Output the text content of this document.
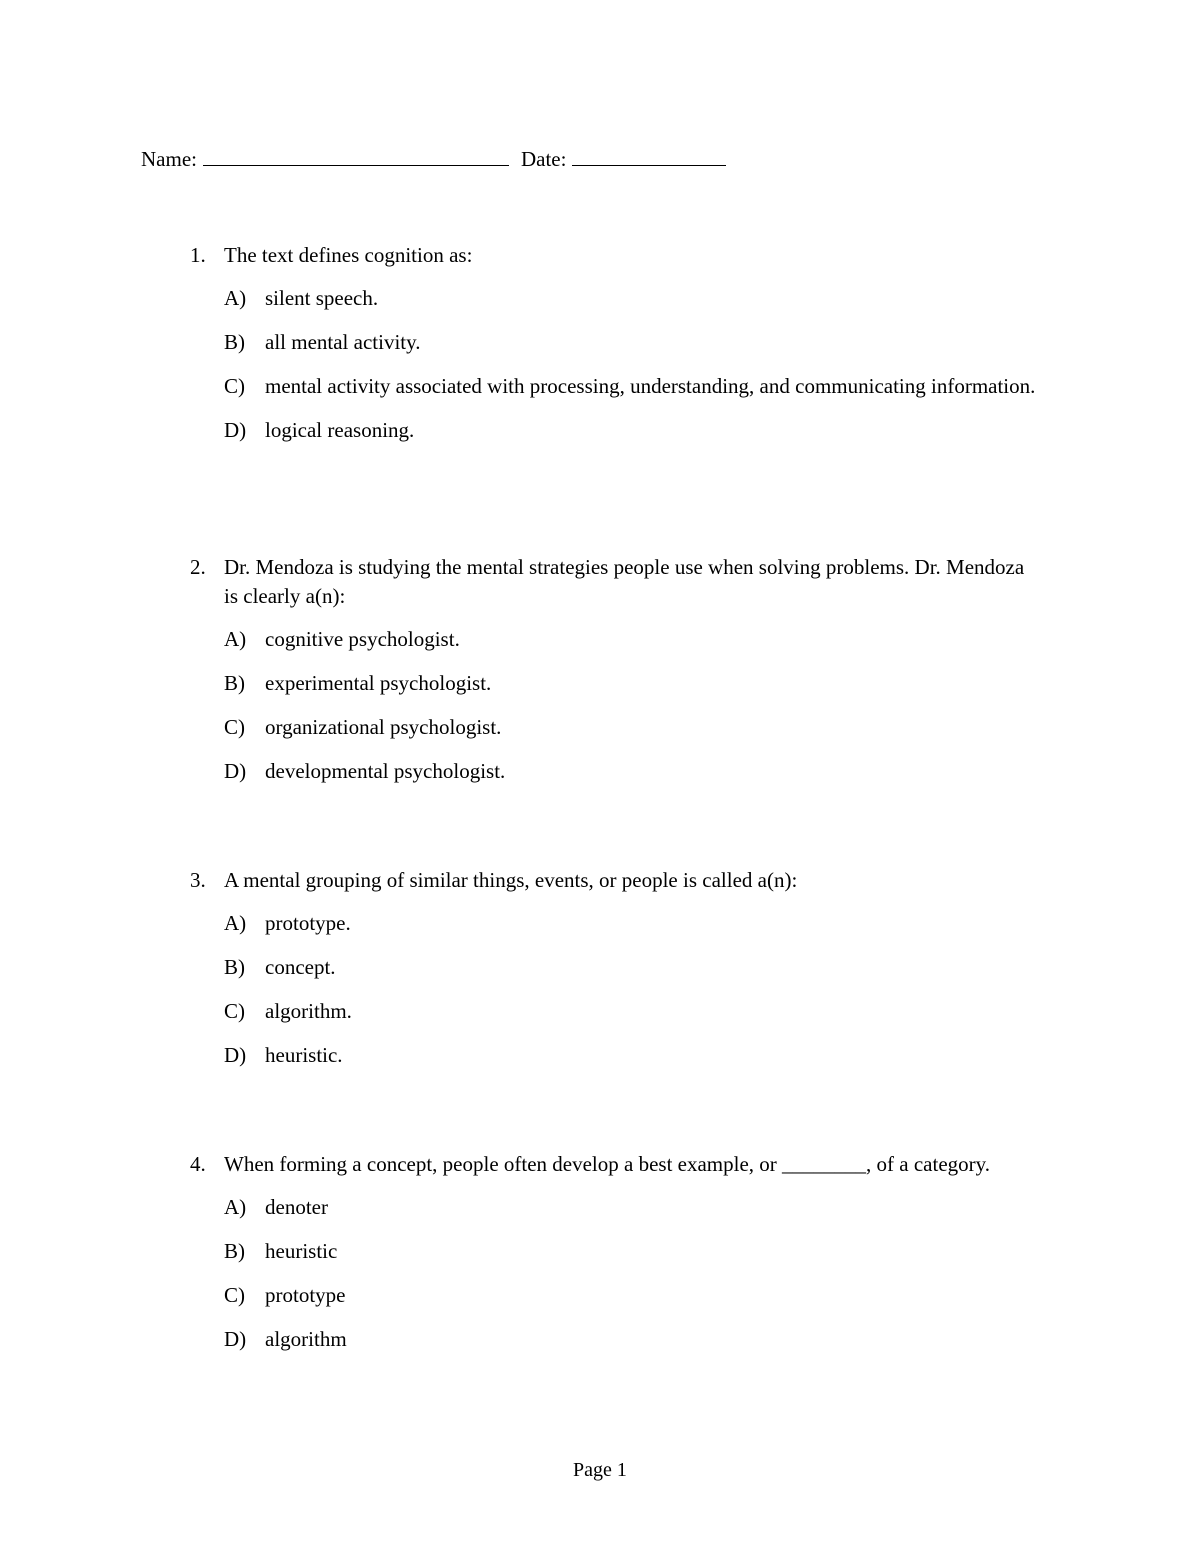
Name:	Date:
1. The text defines cognition as:
A) silent speech.
B) all mental activity.
C) mental activity associated with processing, understanding, and communicating information.
D) logical reasoning.
2. Dr. Mendoza is studying the mental strategies people use when solving problems. Dr. Mendoza is clearly a(n):
A) cognitive psychologist.
B) experimental psychologist.
C) organizational psychologist.
D) developmental psychologist.
3. A mental grouping of similar things, events, or people is called a(n):
A) prototype.
B) concept.
C) algorithm.
D) heuristic.
4. When forming a concept, people often develop a best example, or ________, of a category.
A) denoter
B) heuristic
C) prototype
D) algorithm
Page 1
